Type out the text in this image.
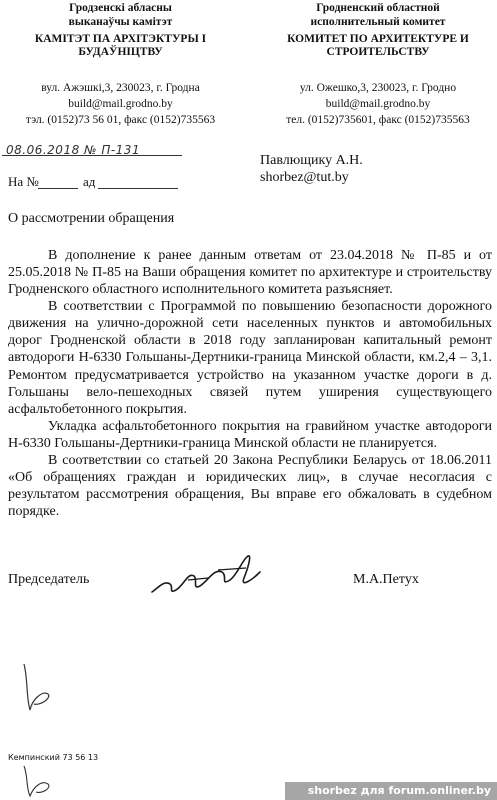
Гродзенскі абласны
выканаўчы камітэт
КАМІТЭТ ПА АРХІТЭКТУРЫ І
БУДАЎНІЦТВУ
Гродненский областной
исполнительный комитет
КОМИТЕТ ПО АРХИТЕКТУРЕ И
СТРОИТЕЛЬСТВУ
вул. Ажэшкі,3, 230023, г. Гродна
build@mail.grodno.by
тэл. (0152)73 56 01, факс (0152)735563
ул. Ожешко,3, 230023, г. Гродно
build@mail.grodno.by
тел. (0152)735601, факс (0152)735563
08.06.2018 № П-131
На №	ад
Павлющику А.Н.
shorbez@tut.by
О рассмотрении обращения

В дополнение к ранее данным ответам от 23.04.2018 № П-85 и от 25.05.2018 № П-85 на Ваши обращения комитет по архитектуре и строительству Гродненского областного исполнительного комитета разъясняет.

В соответствии с Программой по повышению безопасности дорожного движения на улично-дорожной сети населенных пунктов и автомобильных дорог Гродненской области в 2018 году запланирован капитальный ремонт автодороги Н-6330 Гольшаны-Дертники-граница Минской области, км.2,4 – 3,1. Ремонтом предусматривается устройство на указанном участке дороги в д. Гольшаны вело-пешеходных связей путем уширения существующего асфальтобетонного покрытия.

Укладка асфальтобетонного покрытия на гравийном участке автодороги Н-6330 Гольшаны-Дертники-граница Минской области не планируется.

В соответствии со статьей 20 Закона Республики Беларусь от 18.06.2011 «Об обращениях граждан и юридических лиц», в случае несогласия с результатом рассмотрения обращения, Вы вправе его обжаловать в судебном порядке.

Председатель	М.А.Петух
Кемпинский 73 56 13
shorbez для forum.onliner.by
